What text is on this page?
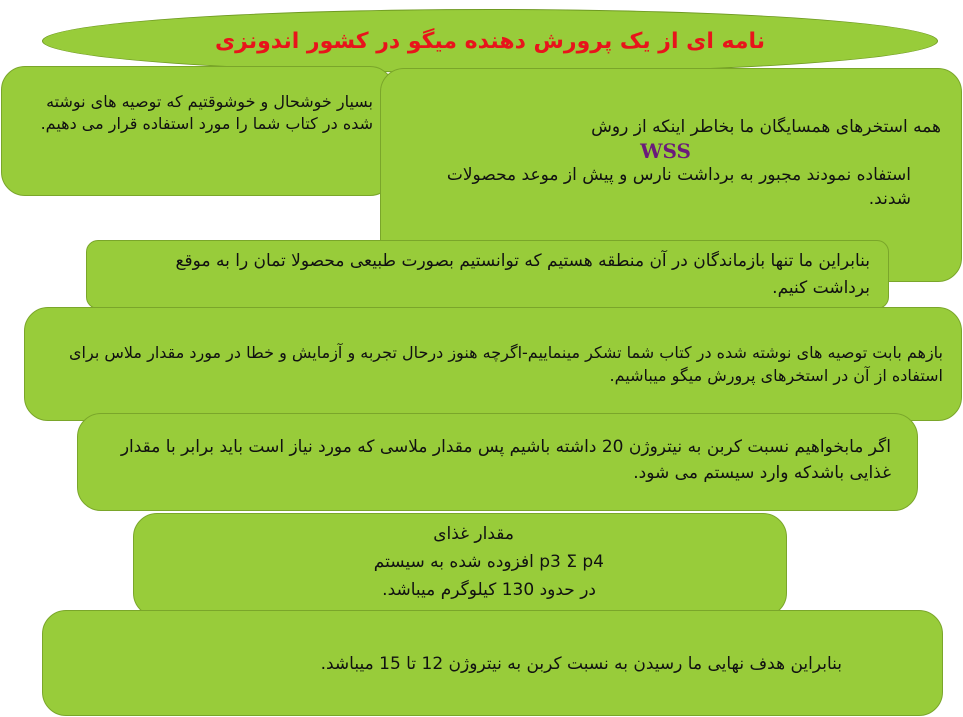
نامه ای از یک پرورش دهنده میگو در کشور اندونزی

بسیار خوشحال و خوشوقتیم که توصیه های نوشته شده در کتاب شما را مورد استفاده قرار می دهیم.	همه استخرهای همسایگان ما بخاطر اینکه از روش

WSS

استفاده نمودند مجبور به برداشت نارس و پیش از موعد محصولات شدند.

بنابراین ما تنها بازماندگان در آن منطقه هستیم که توانستیم بصورت طبیعی محصولا تمان را به موقع برداشت کنیم.

بازهم بابت توصیه های نوشته شده در کتاب شما تشکر مینماییم-اگرچه هنوز درحال تجربه و آزمایش و خطا در مورد مقدار ملاس برای استفاده از آن در استخرهای پرورش میگو میباشیم.

اگر مابخواهیم نسبت کربن به نیتروژن 20 داشته باشیم پس مقدار ملاسی که مورد نیاز است باید برابر با مقدار غذایی باشدکه وارد سیستم می شود.

مقدار غذای

p3 Ʃ p4 افزوده شده به سیستم

در حدود 130 کیلوگرم میباشد.

بنابراین هدف نهایی ما رسیدن به نسبت کربن به نیتروژن 12 تا 15 میباشد.
